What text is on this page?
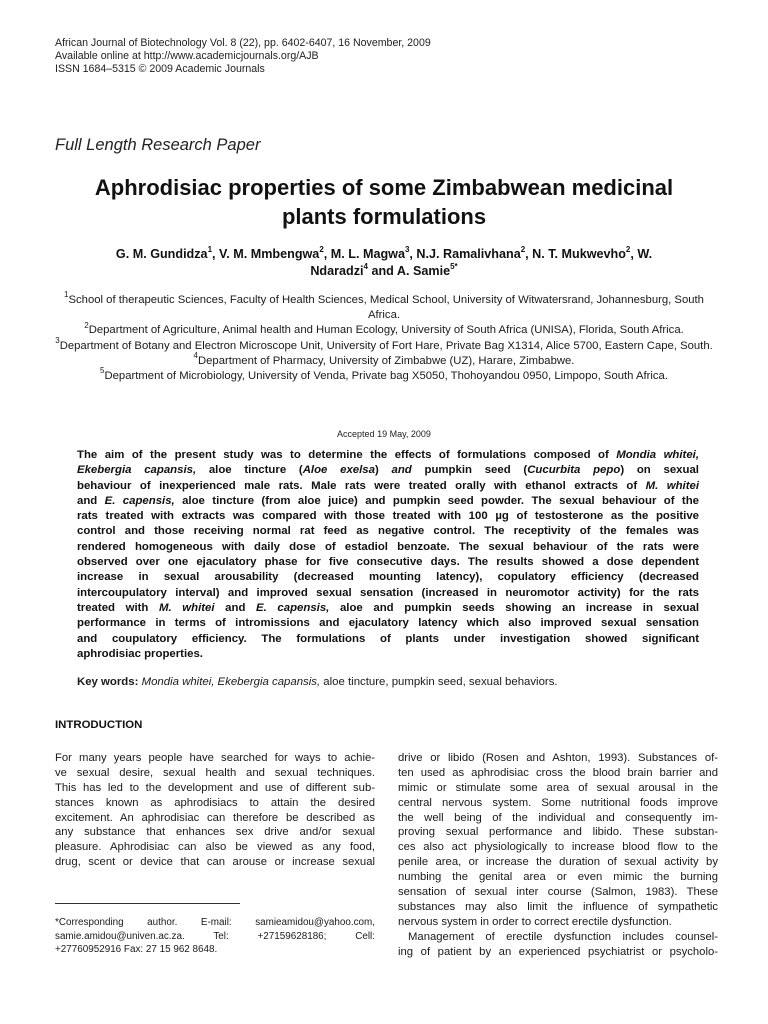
African Journal of Biotechnology Vol. 8 (22), pp. 6402-6407, 16 November, 2009
Available online at http://www.academicjournals.org/AJB
ISSN 1684–5315 © 2009 Academic Journals
Full Length Research Paper
Aphrodisiac properties of some Zimbabwean medicinal
plants formulations
G. M. Gundidza$^1$, V. M. Mmbengwa$^2$, M. L. Magwa$^3$, N.J. Ramalivhana$^2$, N. T. Mukwevho$^2$, W.
Ndaradzi$^4$ and A. Samie$^{5*}$

$^1$School of therapeutic Sciences, Faculty of Health Sciences, Medical School, University of Witwatersrand, Johannesburg, South Africa.

$^2$Department of Agriculture, Animal health and Human Ecology, University of South Africa (UNISA), Florida, South Africa.

$^3$Department of Botany and Electron Microscope Unit, University of Fort Hare, Private Bag X1314, Alice 5700, Eastern Cape, South.

$^4$Department of Pharmacy, University of Zimbabwe (UZ), Harare, Zimbabwe.

$^5$Department of Microbiology, University of Venda, Private bag X5050, Thohoyandou 0950, Limpopo, South Africa.

Accepted 19 May, 2009
The aim of the present study was to determine the effects of formulations composed of Mondia whitei,
Ekebergia capansis, aloe tincture (Aloe exelsa) and pumpkin seed (Cucurbita pepo) on sexual
behaviour of inexperienced male rats. Male rats were treated orally with ethanol extracts of M. whitei
and E. capensis, aloe tincture (from aloe juice) and pumpkin seed powder. The sexual behaviour of the
rats treated with extracts was compared with those treated with 100 µg of testosterone as the positive
control and those receiving normal rat feed as negative control. The receptivity of the females was
rendered homogeneous with daily dose of estadiol benzoate. The sexual behaviour of the rats were
observed over one ejaculatory phase for five consecutive days. The results showed a dose dependent
increase in sexual arousability (decreased mounting latency), copulatory efficiency (decreased
intercoupulatory interval) and improved sexual sensation (increased in neuromotor activity) for the rats
treated with M. whitei and E. capensis, aloe and pumpkin seeds showing an increase in sexual
performance in terms of intromissions and ejaculatory latency which also improved sexual sensation
and coupulatory efficiency. The formulations of plants under investigation showed significant
aphrodisiac properties.
Key words: Mondia whitei, Ekebergia capansis, aloe tincture, pumpkin seed, sexual behaviors.
INTRODUCTION
For many years people have searched for ways to achie-
ve sexual desire, sexual health and sexual techniques.
This has led to the development and use of different sub-
stances known as aphrodisiacs to attain the desired
excitement. An aphrodisiac can therefore be described as
any substance that enhances sex drive and/or sexual
pleasure. Aphrodisiac can also be viewed as any food,
drug, scent or device that can arouse or increase sexual
drive or libido (Rosen and Ashton, 1993). Substances of-
ten used as aphrodisiac cross the blood brain barrier and
mimic or stimulate some area of sexual arousal in the
central nervous system. Some nutritional foods improve
the well being of the individual and consequently im-
proving sexual performance and libido. These substan-
ces also act physiologically to increase blood flow to the
penile area, or increase the duration of sexual activity by
numbing the genital area or even mimic the burning
sensation of sexual inter course (Salmon, 1983). These
substances may also limit the influence of sympathetic
nervous system in order to correct erectile dysfunction.
Management of erectile dysfunction includes counsel-
ing of patient by an experienced psychiatrist or psycholo-
*Corresponding author. E-mail: samieamidou@yahoo.com,
samie.amidou@univen.ac.za. Tel: +27159628186; Cell:
+27760952916 Fax: 27 15 962 8648.
